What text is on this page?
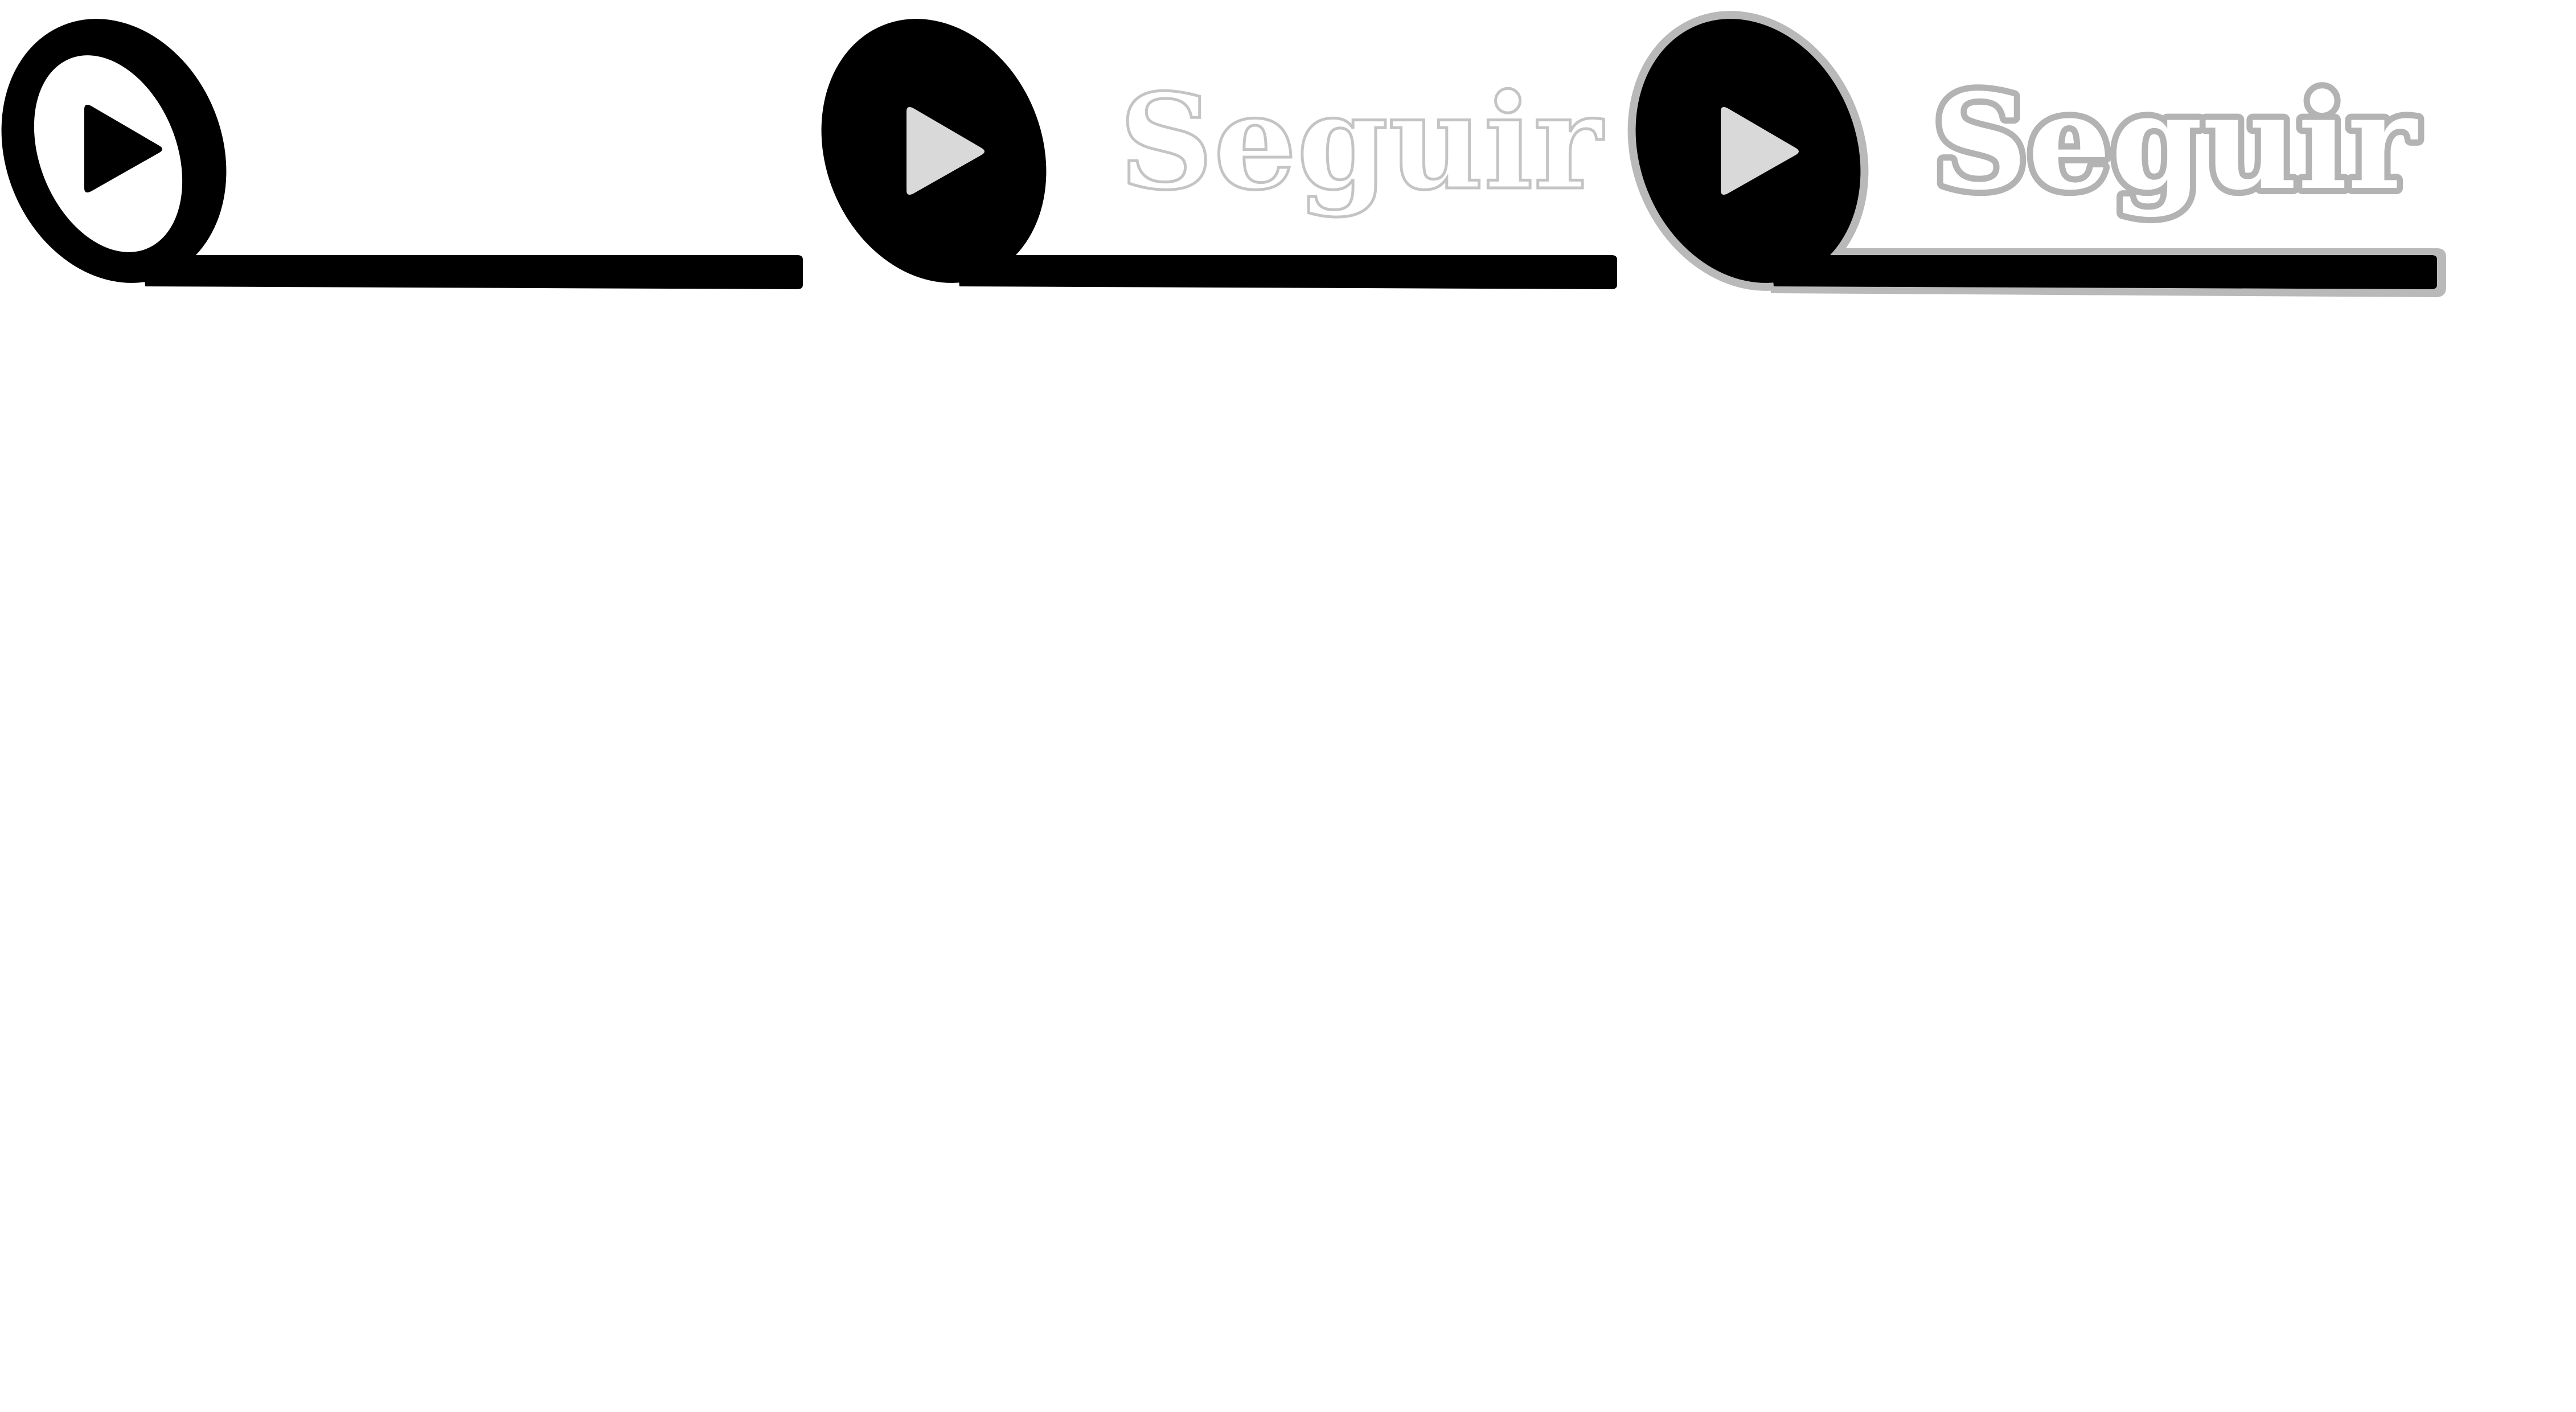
Seguir	Seguir
